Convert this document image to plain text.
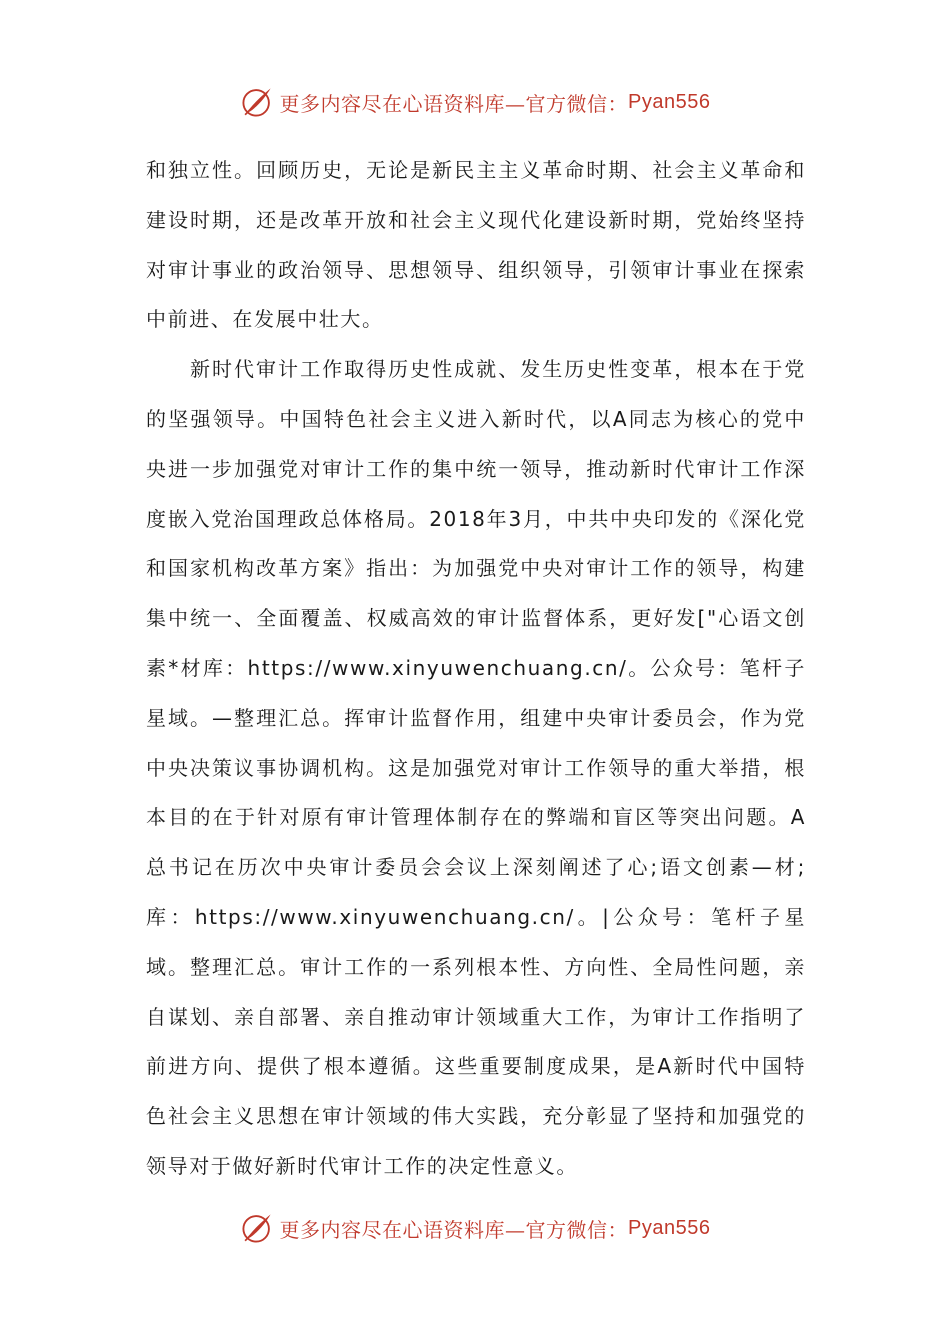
更多内容尽在心语资料库—官方微信： Pyan556

和独立性。回顾历史，无论是新民主主义革命时期、社会主义革命和建设时期，还是改革开放和社会主义现代化建设新时期，党始终坚持对审计事业的政治领导、思想领导、组织领导，引领审计事业在探索中前进、在发展中壮大。

新时代审计工作取得历史性成就、发生历史性变革，根本在于党的坚强领导。中国特色社会主义进入新时代，以A同志为核心的党中央进一步加强党对审计工作的集中统一领导，推动新时代审计工作深度嵌入党治国理政总体格局。2018年3月，中共中央印发的《深化党和国家机构改革方案》指出：为加强党中央对审计工作的领导，构建集中统一、全面覆盖、权威高效的审计监督体系，更好发["心语文创素*材库：https://www.xinyuwenchuang.cn/。公众号：笔杆子星域。—整理汇总。挥审计监督作用，组建中央审计委员会，作为党中央决策议事协调机构。这是加强党对审计工作领导的重大举措，根本目的在于针对原有审计管理体制存在的弊端和盲区等突出问题。A总书记在历次中央审计委员会会议上深刻阐述了心;语文创素—材;库：https://www.xinyuwenchuang.cn/。|公众号：笔杆子星域。整理汇总。审计工作的一系列根本性、方向性、全局性问题，亲自谋划、亲自部署、亲自推动审计领域重大工作，为审计工作指明了前进方向、提供了根本遵循。这些重要制度成果，是A新时代中国特色社会主义思想在审计领域的伟大实践，充分彰显了坚持和加强党的领导对于做好新时代审计工作的决定性意义。

更多内容尽在心语资料库—官方微信： Pyan556
